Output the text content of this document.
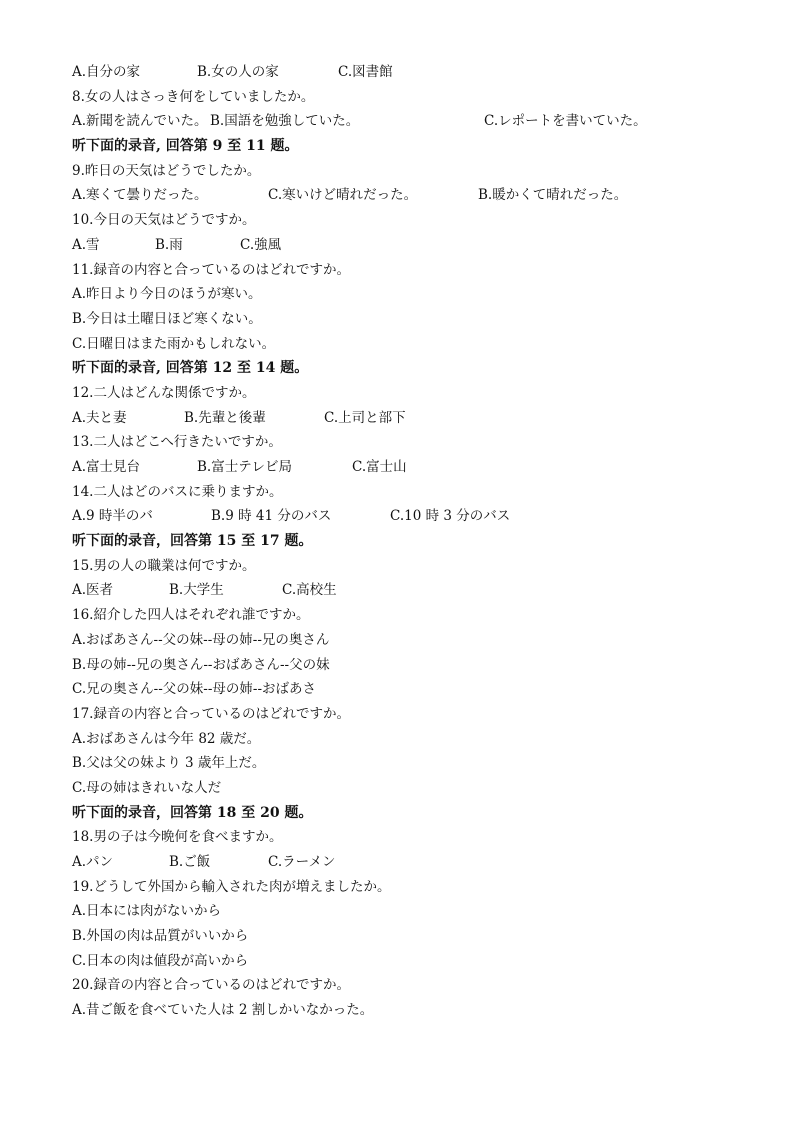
A.自分の家	B.女の人の家	C.図書館
8.女の人はさっき何をしていましたか。
A.新聞を読んでいた。 B.国語を勉強していた。	C.レポートを書いていた。
听下面的录音, 回答第 9 至 11 题。
9.昨日の天気はどうでしたか。
A.寒くて曇りだった。	C.寒いけど晴れだった。	B.暖かくて晴れだった。
10.今日の天気はどうですか。
A.雪	B.雨	C.強風
11.録音の内容と合っているのはどれですか。
A.昨日より今日のほうが寒い。
B.今日は土曜日ほど寒くない。
C.日曜日はまた雨かもしれない。
听下面的录音, 回答第 12 至 14 题。
12.二人はどんな関係ですか。
A.夫と妻	B.先輩と後輩	C.上司と部下
13.二人はどこへ行きたいですか。
A.富士見台	B.富士テレビ局	C.富士山
14.二人はどのバスに乗りますか。
A.9 時半のバ	B.9 時 41 分のバス	C.10 時 3 分のバス
听下面的录音，回答第 15 至 17 题。
15.男の人の職業は何ですか。
A.医者	B.大学生	C.高校生
16.紹介した四人はそれぞれ誰ですか。
A.おばあさん--父の妹--母の姉--兄の奥さん
B.母の姉--兄の奥さん--おばあさん--父の妹
C.兄の奥さん--父の妹--母の姉--おばあさ
17.録音の内容と合っているのはどれですか。
A.おばあさんは今年 82 歳だ。
B.父は父の妹より 3 歳年上だ。
C.母の姉はきれいな人だ
听下面的录音，回答第 18 至 20 题。
18.男の子は今晩何を食べますか。
A.パン	B.ご飯	C.ラーメン
19.どうして外国から輸入された肉が増えましたか。
A.日本には肉がないから
B.外国の肉は品質がいいから
C.日本の肉は値段が高いから
20.録音の内容と合っているのはどれですか。
A.昔ご飯を食べていた人は 2 割しかいなかった。
